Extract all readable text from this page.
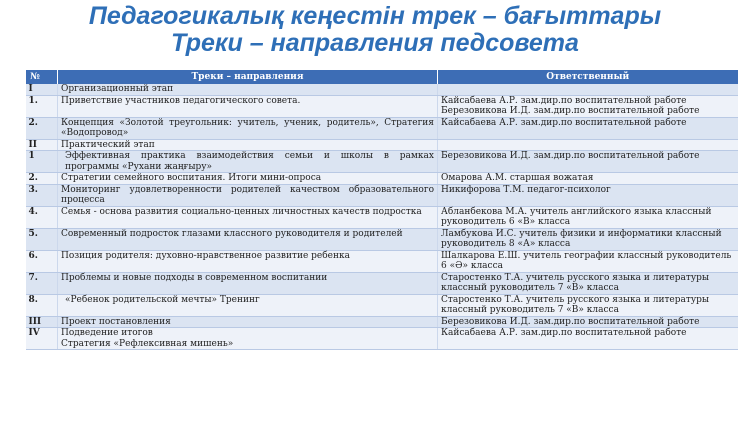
Педагогикалық кеңестін трек – бағыттары
Треки – направления педсовета
№	Треки – направления	Ответственный
I	Организационный этап	

1.	Приветствие участников педагогического совета.	Кайсабаева А.Р. зам.дир.по воспитательной работе
Березовикова И.Д. зам.дир.по воспитательной работе

2.	Концепция «Золотой треугольник: учитель, ученик, родитель», Стратегия «Водопровод»	Кайсабаева А.Р. зам.дир.по воспитательной работе

II	Практический этап	

1	Эффективная практика взаимодействия семьи и школы в рамках программы «Рухани жаңғыру»	Березовикова И.Д. зам.дир.по воспитательной работе

2.	Стратегии семейного воспитания. Итоги мини-опроса	Омарова А.М. старшая вожатая

3.	Мониторинг удовлетворенности родителей качеством образовательного процесса	Никифорова Т.М. педагог-психолог

4.	Семья - основа развития социально-ценных личностных качеств подростка	Абланбекова М.А. учитель английского языка классный руководитель 6 «В» класса

5.	Современный подросток глазами классного руководителя и родителей	Ламбукова И.С. учитель физики и информатики классный руководитель 8 «А» класса

6.	Позиция родителя: духовно-нравственное развитие ребенка	Шалкарова Е.Ш. учитель географии классный руководитель 6 «Ә» класса

7.	Проблемы и новые подходы в современном воспитании	Старостенко Т.А. учитель русского языка и литературы классный руководитель 7 «В» класса

8.	«Ребенок родительской мечты» Тренинг	Старостенко Т.А. учитель русского языка и литературы классный руководитель 7 «В» класса

III	Проект постановления	Березовикова И.Д. зам.дир.по воспитательной работе

IV	Подведение итогов
Стратегия «Рефлексивная мишень»	Кайсабаева А.Р. зам.дир.по воспитательной работе
